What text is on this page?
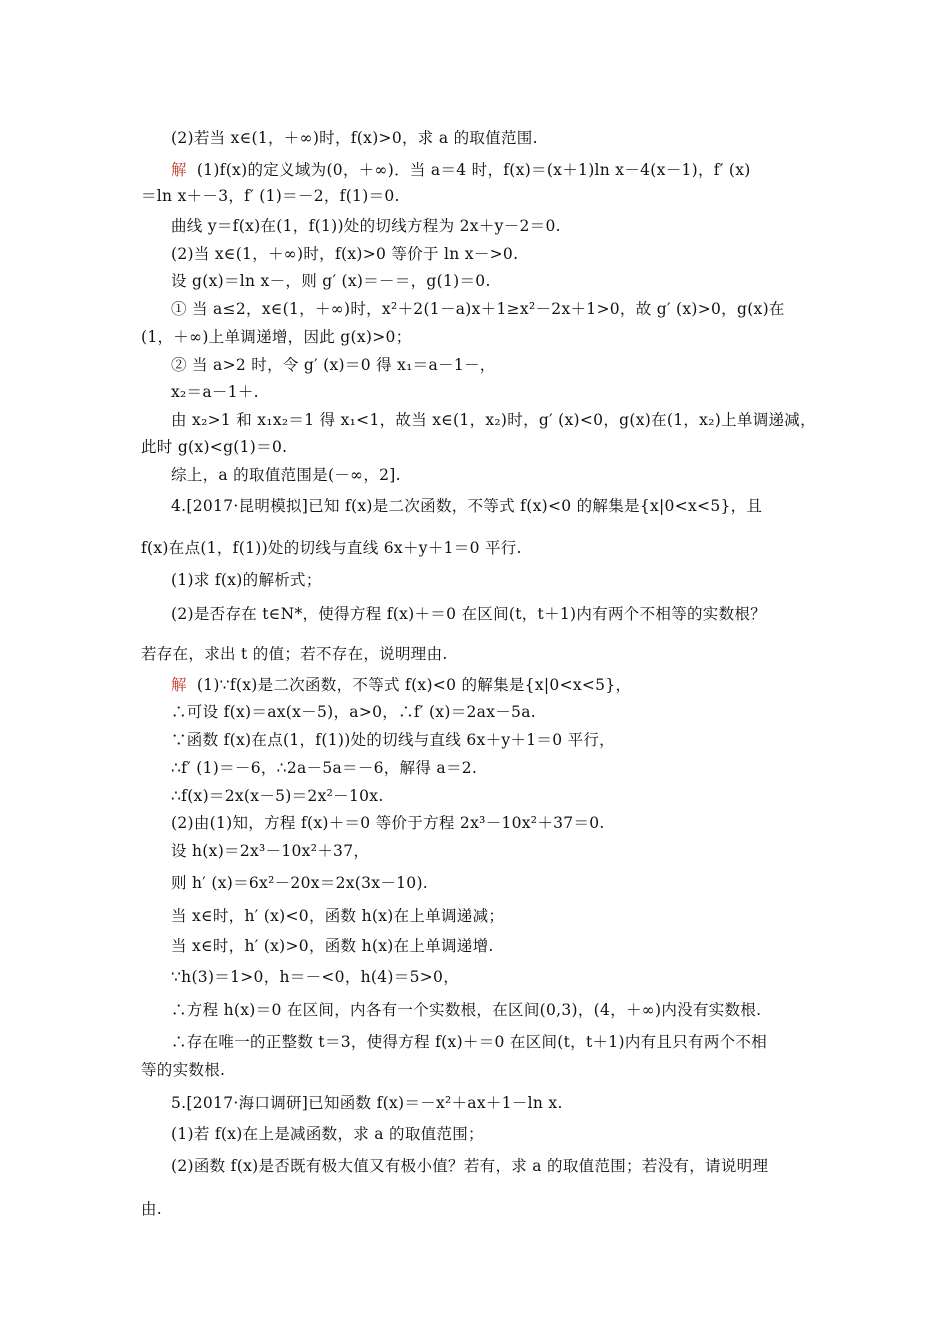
(2)若当 x∈(1，＋∞)时，f(x)>0，求 a 的取值范围.
解 (1)f(x)的定义域为(0，＋∞)．当 a＝4 时，f(x)＝(x＋1)ln x－4(x－1)，f′ (x)
＝ln x＋－3，f′ (1)＝－2，f(1)＝0.
曲线 y＝f(x)在(1，f(1))处的切线方程为 2x＋y－2＝0.
(2)当 x∈(1，＋∞)时，f(x)>0 等价于 ln x－>0.
设 g(x)＝ln x－，则 g′ (x)＝－＝，g(1)＝0.
① 当 a≤2，x∈(1，＋∞)时，x²＋2(1－a)x＋1≥x²－2x＋1>0，故 g′ (x)>0，g(x)在
(1，＋∞)上单调递增，因此 g(x)>0；
② 当 a>2 时，令 g′ (x)＝0 得 x₁＝a－1－，
x₂＝a－1＋.
由 x₂>1 和 x₁x₂＝1 得 x₁<1，故当 x∈(1，x₂)时，g′ (x)<0，g(x)在(1，x₂)上单调递减，
此时 g(x)<g(1)＝0.
综上，a 的取值范围是(－∞，2].
4.[2017·昆明模拟]已知 f(x)是二次函数，不等式 f(x)<0 的解集是{x|0<x<5}，且
f(x)在点(1，f(1))处的切线与直线 6x＋y＋1＝0 平行.
(1)求 f(x)的解析式；
(2)是否存在 t∈N*，使得方程 f(x)＋＝0 在区间(t，t＋1)内有两个不相等的实数根？
若存在，求出 t 的值；若不存在，说明理由.
解 (1)∵f(x)是二次函数，不等式 f(x)<0 的解集是{x|0<x<5}，
∴可设 f(x)＝ax(x－5)，a>0，∴f′ (x)＝2ax－5a.
∵函数 f(x)在点(1，f(1))处的切线与直线 6x＋y＋1＝0 平行，
∴f′ (1)＝－6，∴2a－5a＝－6，解得 a＝2.
∴f(x)＝2x(x－5)＝2x²－10x.
(2)由(1)知，方程 f(x)＋＝0 等价于方程 2x³－10x²＋37＝0.
设 h(x)＝2x³－10x²＋37，
则 h′ (x)＝6x²－20x＝2x(3x－10).
当 x∈时，h′ (x)<0，函数 h(x)在上单调递减；
当 x∈时，h′ (x)>0，函数 h(x)在上单调递增.
∵h(3)＝1>0，h＝－<0，h(4)＝5>0，
∴方程 h(x)＝0 在区间，内各有一个实数根，在区间(0,3)，(4，＋∞)内没有实数根.
∴存在唯一的正整数 t＝3，使得方程 f(x)＋＝0 在区间(t，t＋1)内有且只有两个不相
等的实数根.
5.[2017·海口调研]已知函数 f(x)＝－x²＋ax＋1－ln x.
(1)若 f(x)在上是减函数，求 a 的取值范围；
(2)函数 f(x)是否既有极大值又有极小值？若有，求 a 的取值范围；若没有，请说明理
由.
